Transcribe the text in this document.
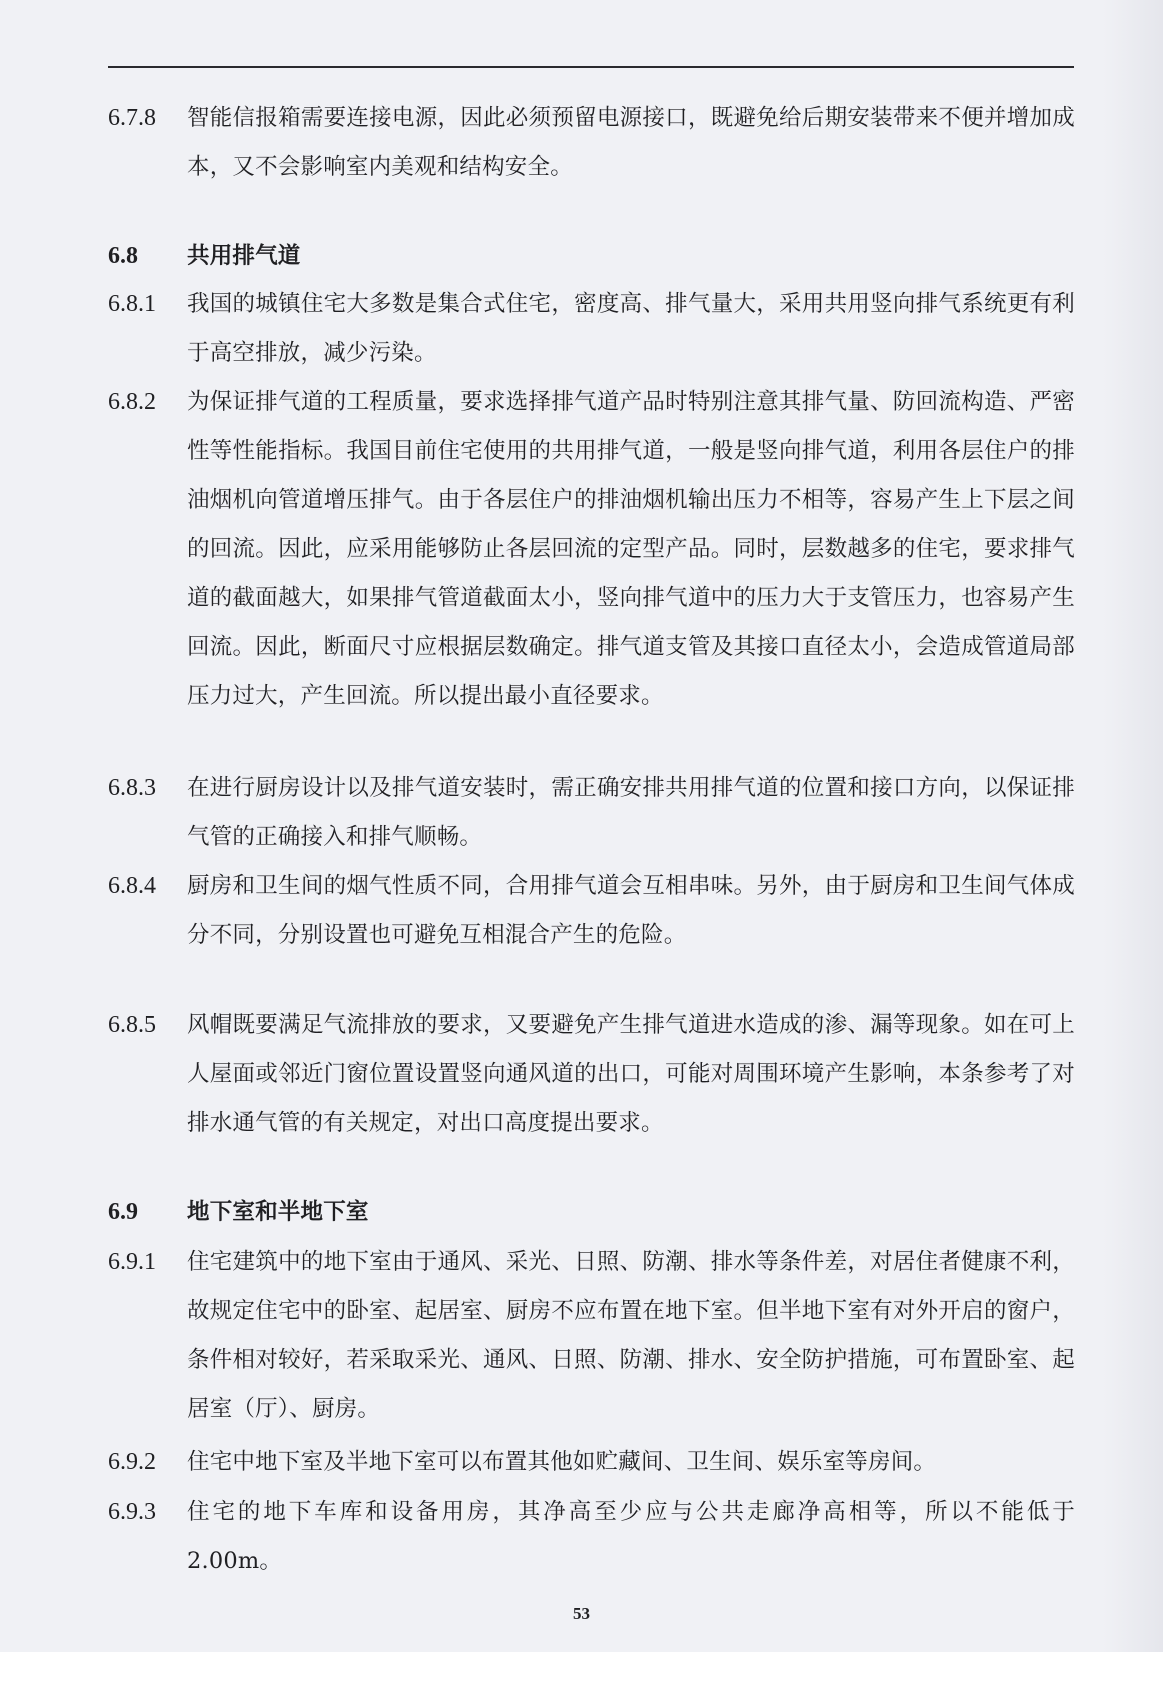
6.7.8 智能信报箱需要连接电源，因此必须预留电源接口，既避免给后期安装带来不便并增加成本，又不会影响室内美观和结构安全。
6.8 共用排气道
6.8.1 我国的城镇住宅大多数是集合式住宅，密度高、排气量大，采用共用竖向排气系统更有利于高空排放，减少污染。
6.8.2 为保证排气道的工程质量，要求选择排气道产品时特别注意其排气量、防回流构造、严密性等性能指标。我国目前住宅使用的共用排气道，一般是竖向排气道，利用各层住户的排油烟机向管道增压排气。由于各层住户的排油烟机输出压力不相等，容易产生上下层之间的回流。因此，应采用能够防止各层回流的定型产品。同时，层数越多的住宅，要求排气道的截面越大，如果排气管道截面太小，竖向排气道中的压力大于支管压力，也容易产生回流。因此，断面尺寸应根据层数确定。排气道支管及其接口直径太小，会造成管道局部压力过大，产生回流。所以提出最小直径要求。
6.8.3 在进行厨房设计以及排气道安装时，需正确安排共用排气道的位置和接口方向，以保证排气管的正确接入和排气顺畅。
6.8.4 厨房和卫生间的烟气性质不同，合用排气道会互相串味。另外，由于厨房和卫生间气体成分不同，分别设置也可避免互相混合产生的危险。
6.8.5 风帽既要满足气流排放的要求，又要避免产生排气道进水造成的渗、漏等现象。如在可上人屋面或邻近门窗位置设置竖向通风道的出口，可能对周围环境产生影响，本条参考了对排水通气管的有关规定，对出口高度提出要求。
6.9 地下室和半地下室
6.9.1 住宅建筑中的地下室由于通风、采光、日照、防潮、排水等条件差，对居住者健康不利，故规定住宅中的卧室、起居室、厨房不应布置在地下室。但半地下室有对外开启的窗户，条件相对较好，若采取采光、通风、日照、防潮、排水、安全防护措施，可布置卧室、起居室（厅）、厨房。
6.9.2 住宅中地下室及半地下室可以布置其他如贮藏间、卫生间、娱乐室等房间。
6.9.3 住宅的地下车库和设备用房，其净高至少应与公共走廊净高相等，所以不能低于2.00m。
53
